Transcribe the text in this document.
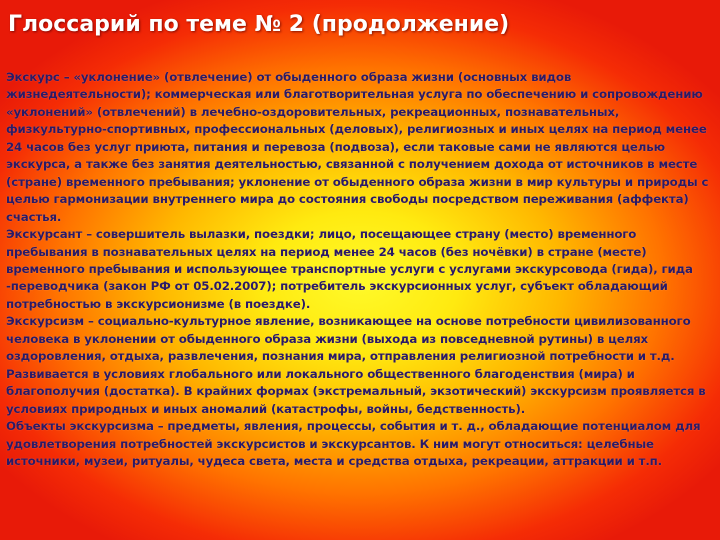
Глоссарий по теме № 2 (продолжение)

Экскурс – «уклонение» (отвлечение) от обыденного образа жизни (основных видов жизнедеятельности); коммерческая или благотворительная услуга по обеспечению и сопровождению «уклонений» (отвлечений) в лечебно-оздоровительных, рекреационных, познавательных, физкультурно-спортивных, профессиональных (деловых), религиозных и иных целях на период менее 24 часов без услуг приюта, питания и перевоза (подвоза), если таковые сами не являются целью экскурса, а также без занятия деятельностью, связанной с получением дохода от источников в месте (стране) временного пребывания; уклонение от обыденного образа жизни в мир культуры и природы с целью гармонизации внутреннего мира до состояния свободы посредством переживания (аффекта) счастья.

Экскурсант – совершитель вылазки, поездки; лицо, посещающее страну (место) временного пребывания в познавательных целях на период менее 24 часов (без ночёвки) в стране (месте) временного пребывания и использующее транспортные услуги с услугами экскурсовода (гида), гида -переводчика (закон РФ от 05.02.2007); потребитель экскурсионных услуг, субъект обладающий потребностью в экскурсионизме (в поездке).

Экскурсизм – социально-культурное явление, возникающее на основе потребности цивилизованного человека в уклонении от обыденного образа жизни (выхода из повседневной рутины) в целях оздоровления, отдыха, развлечения, познания мира, отправления религиозной потребности и т.д. Развивается в условиях глобального или локального общественного благоденствия (мира) и благополучия (достатка). В крайних формах (экстремальный, экзотический) экскурсизм проявляется в условиях природных и иных аномалий (катастрофы, войны, бедственность).

Объекты экскурсизма – предметы, явления, процессы, события и т. д., обладающие потенциалом для удовлетворения потребностей экскурсистов и экскурсантов. К ним могут относиться: целебные источники, музеи, ритуалы, чудеса света, места и средства отдыха, рекреации, аттракции и т.п.
